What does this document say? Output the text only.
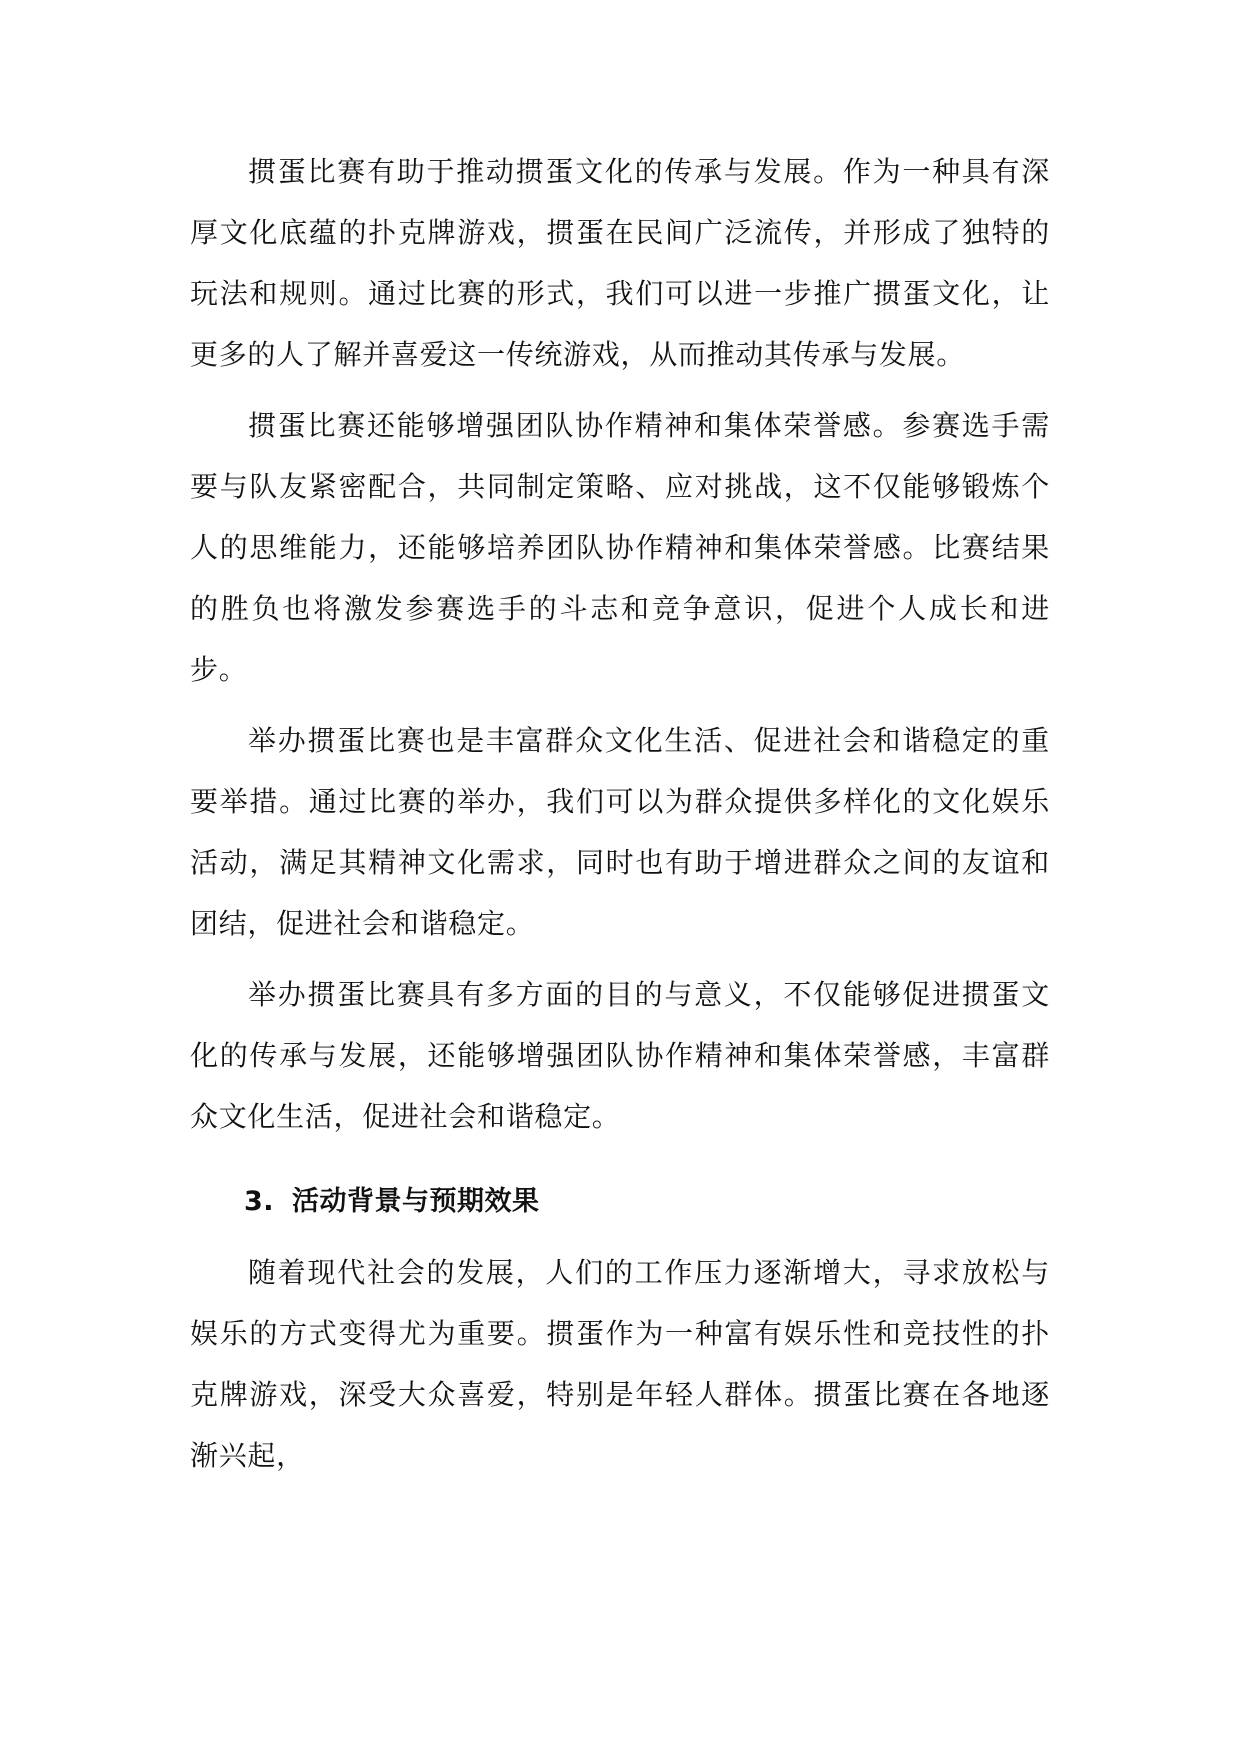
掼蛋比赛有助于推动掼蛋文化的传承与发展。作为一种具有深厚文化底蕴的扑克牌游戏，掼蛋在民间广泛流传，并形成了独特的玩法和规则。通过比赛的形式，我们可以进一步推广掼蛋文化，让更多的人了解并喜爱这一传统游戏，从而推动其传承与发展。

掼蛋比赛还能够增强团队协作精神和集体荣誉感。参赛选手需要与队友紧密配合，共同制定策略、应对挑战，这不仅能够锻炼个人的思维能力，还能够培养团队协作精神和集体荣誉感。比赛结果的胜负也将激发参赛选手的斗志和竞争意识，促进个人成长和进步。

举办掼蛋比赛也是丰富群众文化生活、促进社会和谐稳定的重要举措。通过比赛的举办，我们可以为群众提供多样化的文化娱乐活动，满足其精神文化需求，同时也有助于增进群众之间的友谊和团结，促进社会和谐稳定。

举办掼蛋比赛具有多方面的目的与意义，不仅能够促进掼蛋文化的传承与发展，还能够增强团队协作精神和集体荣誉感，丰富群众文化生活，促进社会和谐稳定。

3. 活动背景与预期效果

随着现代社会的发展，人们的工作压力逐渐增大，寻求放松与娱乐的方式变得尤为重要。掼蛋作为一种富有娱乐性和竞技性的扑克牌游戏，深受大众喜爱，特别是年轻人群体。掼蛋比赛在各地逐渐兴起，
